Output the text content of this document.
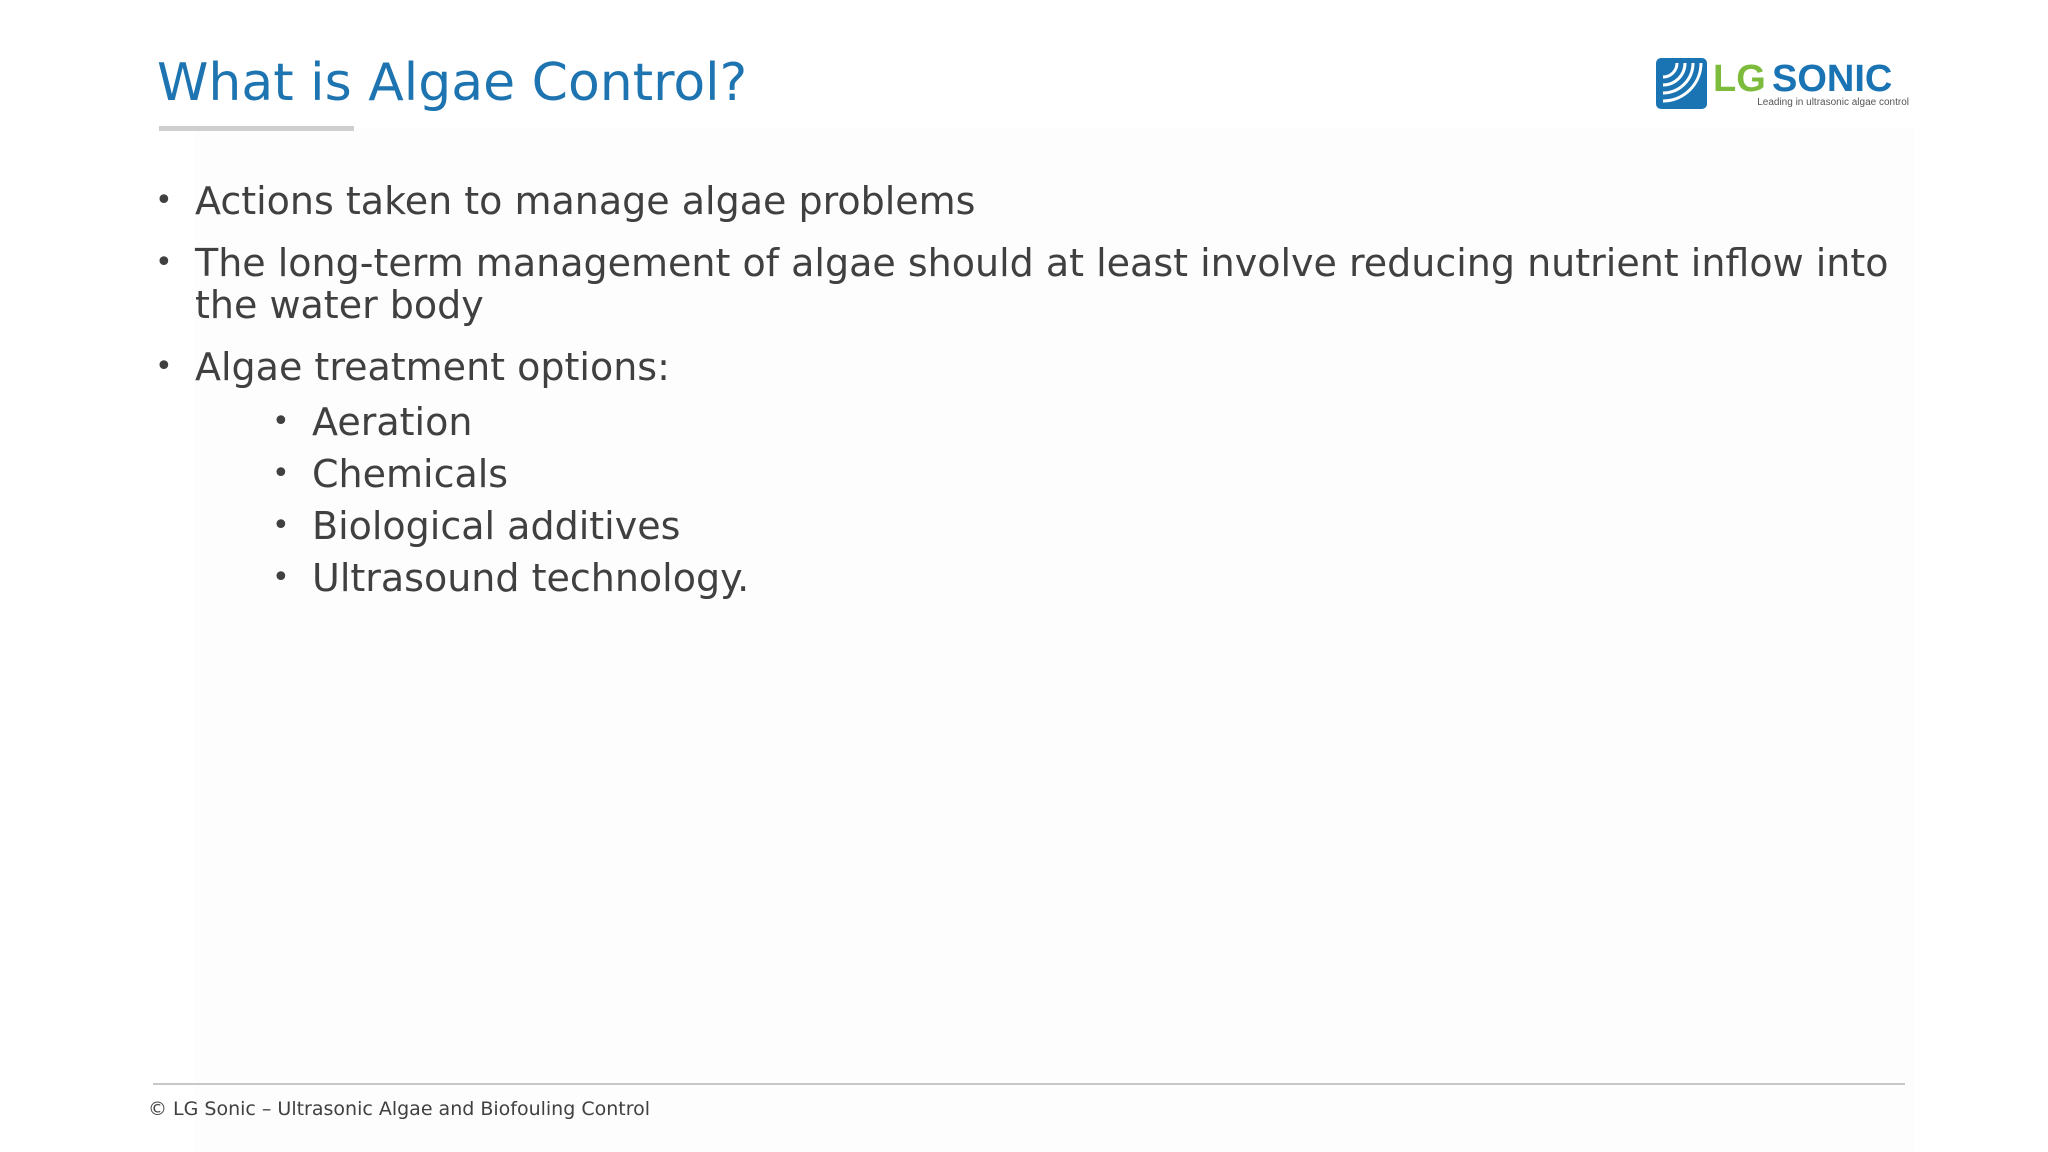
What is Algae Control?	LG SONIC
Leading in ultrasonic algae control
• Actions taken to manage algae problems
• The long-term management of algae should at least involve reducing nutrient inflow into the water body
• Algae treatment options:
• Aeration
• Chemicals
• Biological additives
• Ultrasound technology.
© LG Sonic – Ultrasonic Algae and Biofouling Control
